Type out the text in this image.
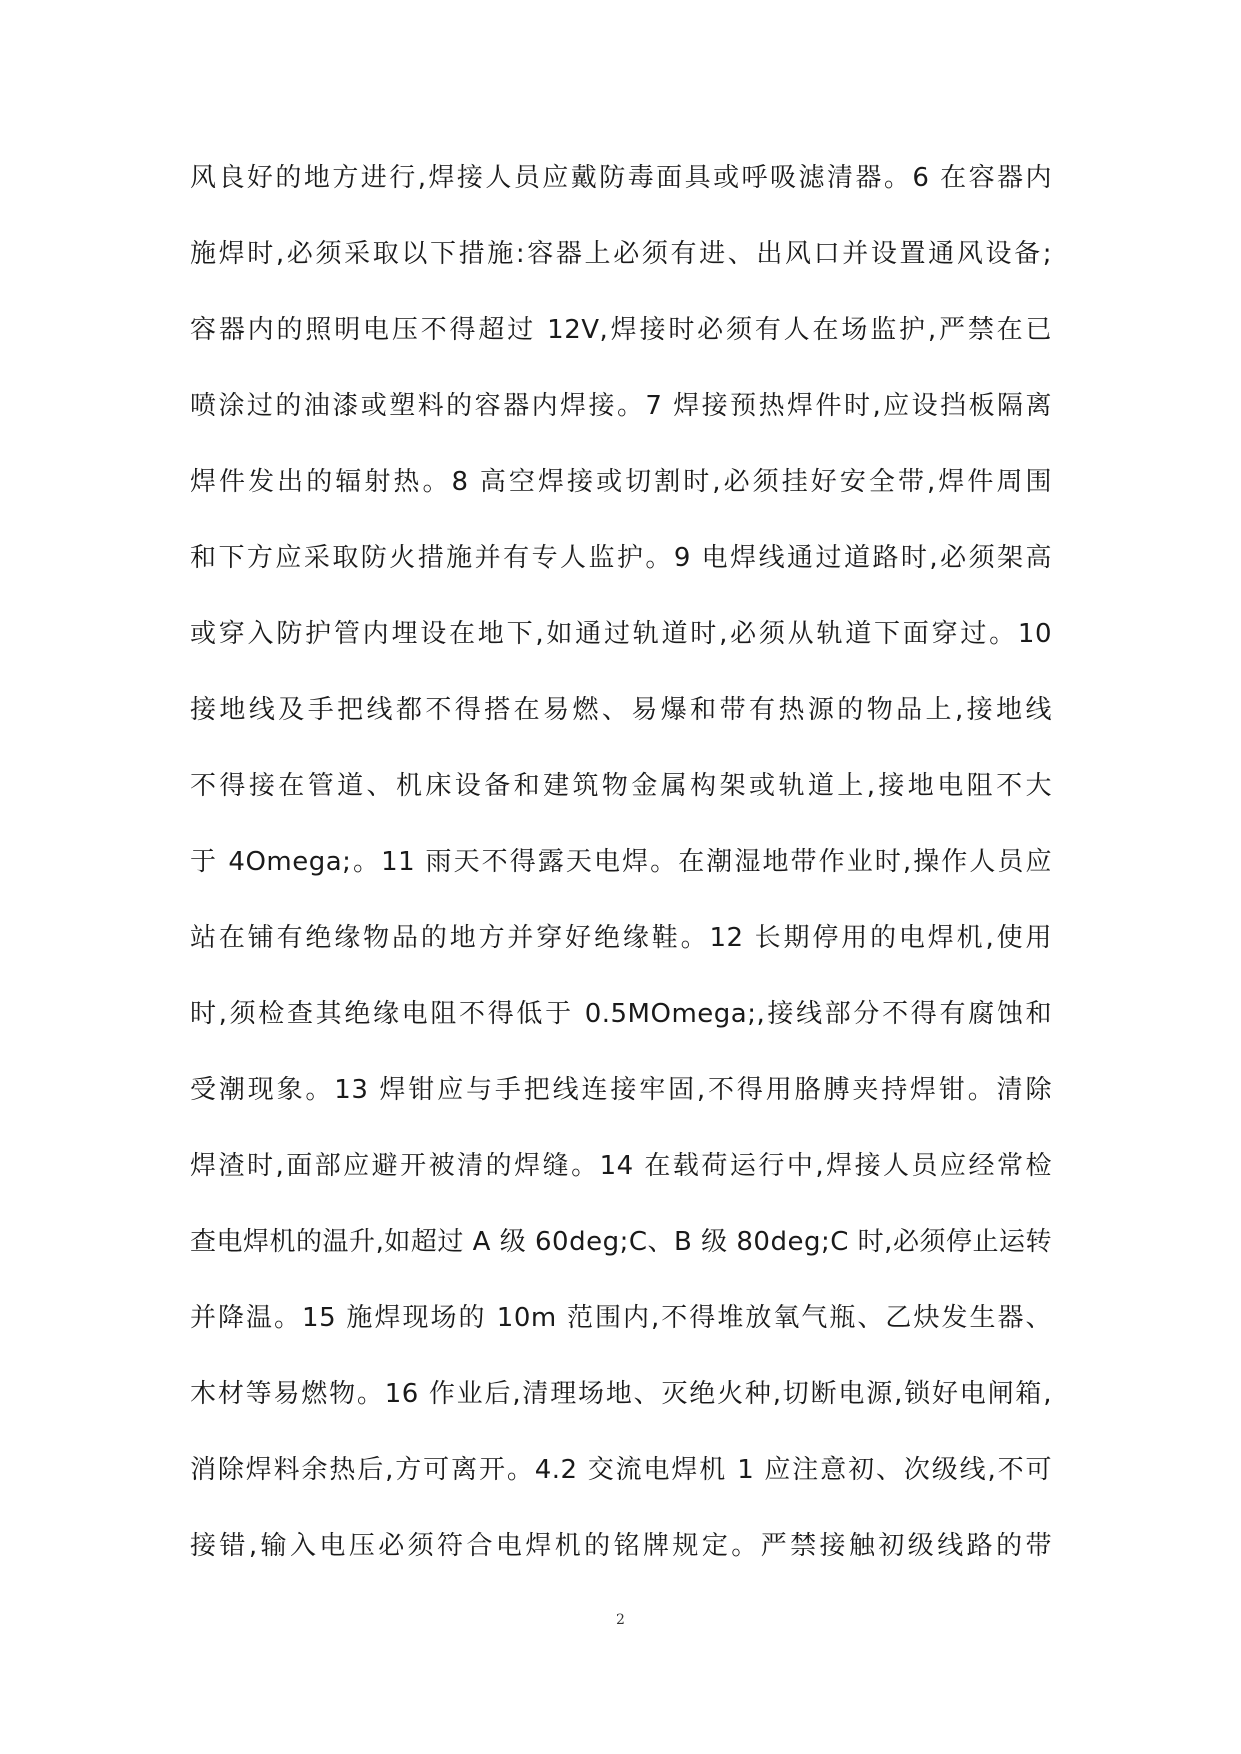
风良好的地方进行,焊接人员应戴防毒面具或呼吸滤清器。6 在容器内
施焊时,必须采取以下措施:容器上必须有进、出风口并设置通风设备;
容器内的照明电压不得超过 12V,焊接时必须有人在场监护,严禁在已
喷涂过的油漆或塑料的容器内焊接。7 焊接预热焊件时,应设挡板隔离
焊件发出的辐射热。8 高空焊接或切割时,必须挂好安全带,焊件周围
和下方应采取防火措施并有专人监护。9 电焊线通过道路时,必须架高
或穿入防护管内埋设在地下,如通过轨道时,必须从轨道下面穿过。10
接地线及手把线都不得搭在易燃、易爆和带有热源的物品上,接地线
不得接在管道、机床设备和建筑物金属构架或轨道上,接地电阻不大
于 4Omega;。11 雨天不得露天电焊。在潮湿地带作业时,操作人员应
站在铺有绝缘物品的地方并穿好绝缘鞋。12 长期停用的电焊机,使用
时,须检查其绝缘电阻不得低于 0.5MOmega;,接线部分不得有腐蚀和
受潮现象。13 焊钳应与手把线连接牢固,不得用胳膊夹持焊钳。清除
焊渣时,面部应避开被清的焊缝。14 在载荷运行中,焊接人员应经常检
查电焊机的温升,如超过 A 级 60deg;C、B 级 80deg;C 时,必须停止运转
并降温。15 施焊现场的 10m 范围内,不得堆放氧气瓶、乙炔发生器、
木材等易燃物。16 作业后,清理场地、灭绝火种,切断电源,锁好电闸箱,
消除焊料余热后,方可离开。4.2 交流电焊机 1 应注意初、次级线,不可
接错,输入电压必须符合电焊机的铭牌规定。严禁接触初级线路的带
2
